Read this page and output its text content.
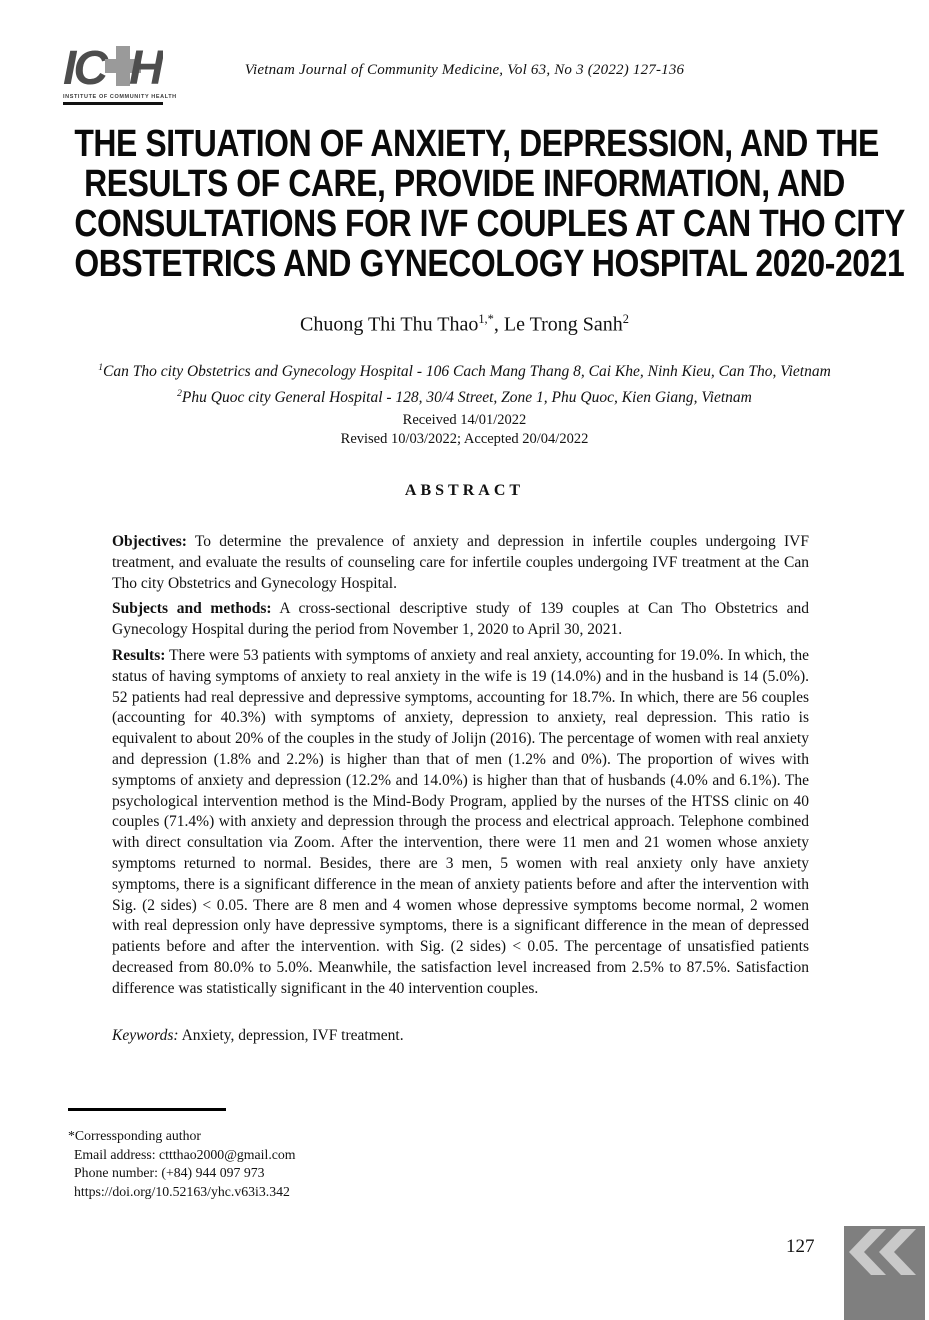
IC H
INSTITUTE OF COMMUNITY HEALTH
Vietnam Journal of Community Medicine, Vol 63, No 3 (2022) 127-136
THE SITUATION OF ANXIETY, DEPRESSION, AND THE
RESULTS OF CARE, PROVIDE INFORMATION, AND
CONSULTATIONS FOR IVF COUPLES AT CAN THO CITY
OBSTETRICS AND GYNECOLOGY HOSPITAL 2020-2021
Chuong Thi Thu Thao$^{1,*}$, Le Trong Sanh$^2$
$^1$Can Tho city Obstetrics and Gynecology Hospital - 106 Cach Mang Thang 8, Cai Khe, Ninh Kieu, Can Tho, Vietnam
$^2$Phu Quoc city General Hospital - 128, 30/4 Street, Zone 1, Phu Quoc, Kien Giang, Vietnam
Received 14/01/2022
Revised 10/03/2022; Accepted 20/04/2022
ABSTRACT

Objectives: To determine the prevalence of anxiety and depression in infertile couples undergoing IVF treatment, and evaluate the results of counseling care for infertile couples undergoing IVF treatment at the Can Tho city Obstetrics and Gynecology Hospital.

Subjects and methods: A cross-sectional descriptive study of 139 couples at Can Tho Obstetrics and Gynecology Hospital during the period from November 1, 2020 to April 30, 2021.

Results: There were 53 patients with symptoms of anxiety and real anxiety, accounting for 19.0%. In which, the status of having symptoms of anxiety to real anxiety in the wife is 19 (14.0%) and in the husband is 14 (5.0%). 52 patients had real depressive and depressive symptoms, accounting for 18.7%. In which, there are 56 couples (accounting for 40.3%) with symptoms of anxiety, depression to anxiety, real depression. This ratio is equivalent to about 20% of the couples in the study of Jolijn (2016). The percentage of women with real anxiety and depression (1.8% and 2.2%) is higher than that of men (1.2% and 0%). The proportion of wives with symptoms of anxiety and depression (12.2% and 14.0%) is higher than that of husbands (4.0% and 6.1%). The psychological intervention method is the Mind-Body Program, applied by the nurses of the HTSS clinic on 40 couples (71.4%) with anxiety and depression through the process and electrical approach. Telephone combined with direct consultation via Zoom. After the intervention, there were 11 men and 21 women whose anxiety symptoms returned to normal. Besides, there are 3 men, 5 women with real anxiety only have anxiety symptoms, there is a significant difference in the mean of anxiety patients before and after the intervention with Sig. (2 sides) < 0.05. There are 8 men and 4 women whose depressive symptoms become normal, 2 women with real depression only have depressive symptoms, there is a significant difference in the mean of depressed patients before and after the intervention. with Sig. (2 sides) < 0.05. The percentage of unsatisfied patients decreased from 80.0% to 5.0%. Meanwhile, the satisfaction level increased from 2.5% to 87.5%. Satisfaction difference was statistically significant in the 40 intervention couples.

Keywords: Anxiety, depression, IVF treatment.

*Corressponding author
Email address: cttthao2000@gmail.com
Phone number: (+84) 944 097 973
https://doi.org/10.52163/yhc.v63i3.342
127
